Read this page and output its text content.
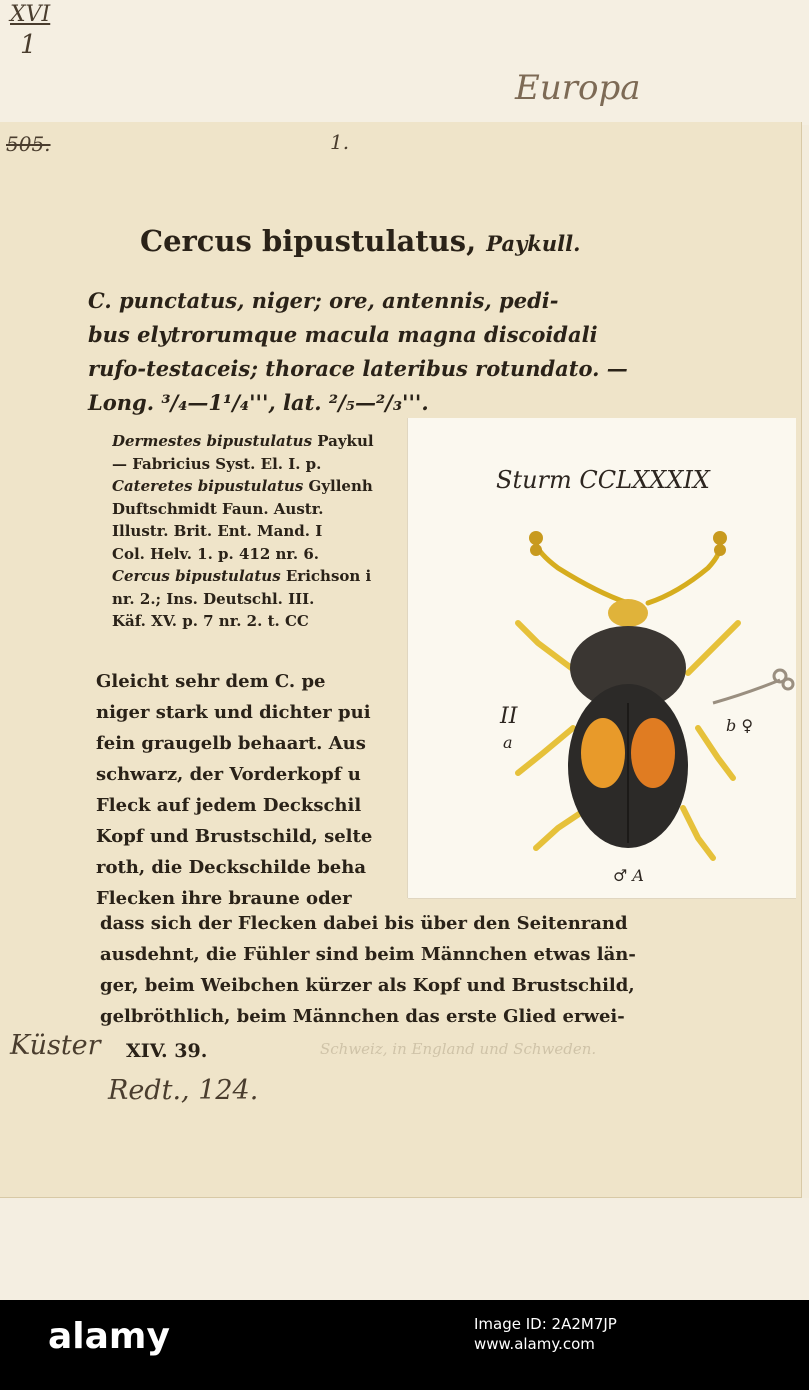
XVI
1
Europa
505.	1.
Cercus bipustulatus, Paykull.
C. punctatus, niger; ore, antennis, pedi-
bus elytrorumque macula magna discoidali
rufo-testaceis; thorace lateribus rotundato. —
Long. ³/₄—1¹/₄''', lat. ²/₅—²/₃'''.
Dermestes bipustulatus Paykul
— Fabricius Syst. El. I. p.
Cateretes bipustulatus Gyllenh
Duftschmidt Faun. Austr.
Illustr. Brit. Ent. Mand. I
Col. Helv. 1. p. 412 nr. 6.
Cercus bipustulatus Erichson i
nr. 2.; Ins. Deutschl. III.
Käf. XV. p. 7 nr. 2. t. CC
Gleicht sehr dem C. pe
niger stark und dichter pui
fein graugelb behaart. Aus
schwarz, der Vorderkopf u
Fleck auf jedem Deckschil
Kopf und Brustschild, selte
roth, die Deckschilde beha
Flecken ihre braune oder
dass sich der Flecken dabei bis über den Seitenrand
ausdehnt, die Fühler sind beim Männchen etwas län-
ger, beim Weibchen kürzer als Kopf und Brustschild,
gelbröthlich, beim Männchen das erste Glied erwei-
Sturm CCLXXXIX
II
a
b ♀
♂ A
Küster XIV. 39.	Schweiz, in England und Schweden.
Redt., 124.
alamy	Image ID: 2A2M7JP
www.alamy.com
